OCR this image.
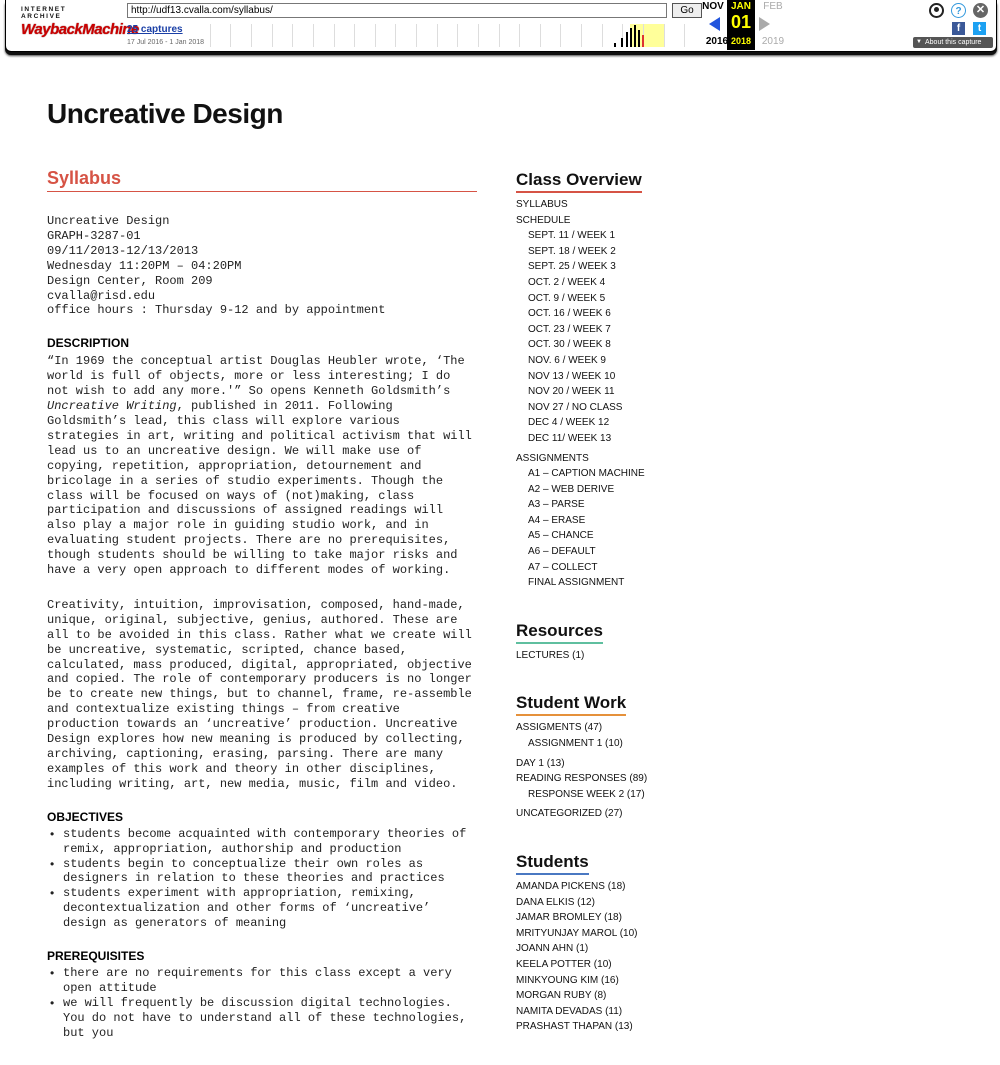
INTERNET ARCHIVE
WaybackMachine
http://udf13.cvalla.com/syllabus/
Go
25 captures
17 Jul 2016 - 1 Jan 2018
NOV JAN	FEB
01
2016 2018	2019
?	✕
f	t
▼ About this capture
Uncreative Design
Syllabus
Uncreative Design
GRAPH-3287-01
09/11/2013-12/13/2013
Wednesday 11:20PM – 04:20PM
Design Center, Room 209
cvalla@risd.edu
office hours : Thursday 9-12 and by appointment
DESCRIPTION

“In 1969 the conceptual artist Douglas Heubler wrote, ‘The world is full of objects, more or less interesting; I do not wish to add any more.'” So opens Kenneth Goldsmith’s Uncreative Writing, published in 2011. Following Goldsmith’s lead, this class will explore various strategies in art, writing and political activism that will lead us to an uncreative design. We will make use of copying, repetition, appropriation, detournement and bricolage in a series of studio experiments. Though the class will be focused on ways of (not)making, class participation and discussions of assigned readings will also play a major role in guiding studio work, and in evaluating student projects. There are no prerequisites, though students should be willing to take major risks and have a very open approach to different modes of working.

Creativity, intuition, improvisation, composed, hand-made, unique, original, subjective, genius, authored. These are all to be avoided in this class. Rather what we create will be uncreative, systematic, scripted, chance based, calculated, mass produced, digital, appropriated, objective and copied. The role of contemporary producers is no longer be to create new things, but to channel, frame, re-assemble and contextualize existing things – from creative production towards an ‘uncreative’ production. Uncreative Design explores how new meaning is produced by collecting, archiving, captioning, erasing, parsing. There are many examples of this work and theory in other disciplines, including writing, art, new media, music, film and video.

OBJECTIVES
• students become acquainted with contemporary theories of remix, appropriation, authorship and production
• students begin to conceptualize their own roles as designers in relation to these theories and practices
• students experiment with appropriation, remixing, decontextualization and other forms of ‘uncreative’ design as generators of meaning
PREREQUISITES
• there are no requirements for this class except a very open attitude
• we will frequently be discussion digital technologies. You do not have to understand all of these technologies, but you
Class Overview
SYLLABUS
SCHEDULE
SEPT. 11 / WEEK 1
SEPT. 18 / WEEK 2
SEPT. 25 / WEEK 3
OCT. 2 / WEEK 4
OCT. 9 / WEEK 5
OCT. 16 / WEEK 6
OCT. 23 / WEEK 7
OCT. 30 / WEEK 8
NOV. 6 / WEEK 9
NOV 13 / WEEK 10
NOV 20 / WEEK 11
NOV 27 / NO CLASS
DEC 4 / WEEK 12
DEC 11/ WEEK 13
ASSIGNMENTS
A1 – CAPTION MACHINE
A2 – WEB DERIVE
A3 – PARSE
A4 – ERASE
A5 – CHANCE
A6 – DEFAULT
A7 – COLLECT
FINAL ASSIGNMENT
Resources
LECTURES (1)
Student Work
ASSIGMENTS (47)
ASSIGNMENT 1 (10)
DAY 1 (13)
READING RESPONSES (89)
RESPONSE WEEK 2 (17)
UNCATEGORIZED (27)
Students
AMANDA PICKENS (18)
DANA ELKIS (12)
JAMAR BROMLEY (18)
MRITYUNJAY MAROL (10)
JOANN AHN (1)
KEELA POTTER (10)
MINKYOUNG KIM (16)
MORGAN RUBY (8)
NAMITA DEVADAS (11)
PRASHAST THAPAN (13)
